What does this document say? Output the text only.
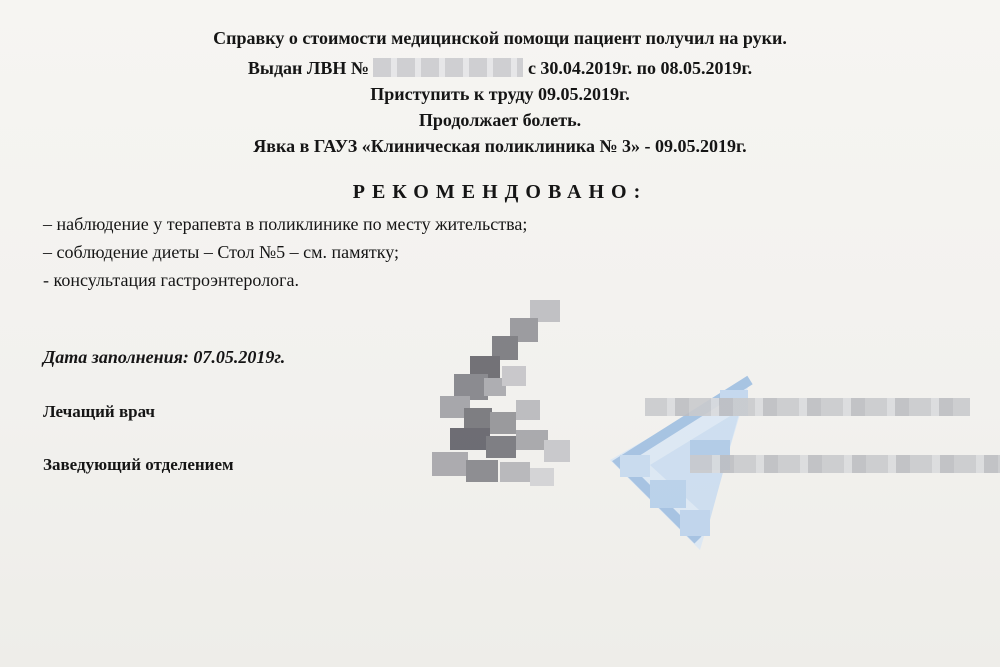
Справку о стоимости медицинской помощи пациент получил на руки.
Выдан ЛВН №	с 30.04.2019г. по 08.05.2019г.
Приступить к труду 09.05.2019г.
Продолжает болеть.
Явка в ГАУЗ «Клиническая поликлиника № 3» - 09.05.2019г.
РЕКОМЕНДОВАНО:
– наблюдение у терапевта в поликлинике по месту жительства;
– соблюдение диеты – Стол №5 – см. памятку;
- консультация гастроэнтеролога.
Дата заполнения: 07.05.2019г.
Лечащий врач
Заведующий отделением
